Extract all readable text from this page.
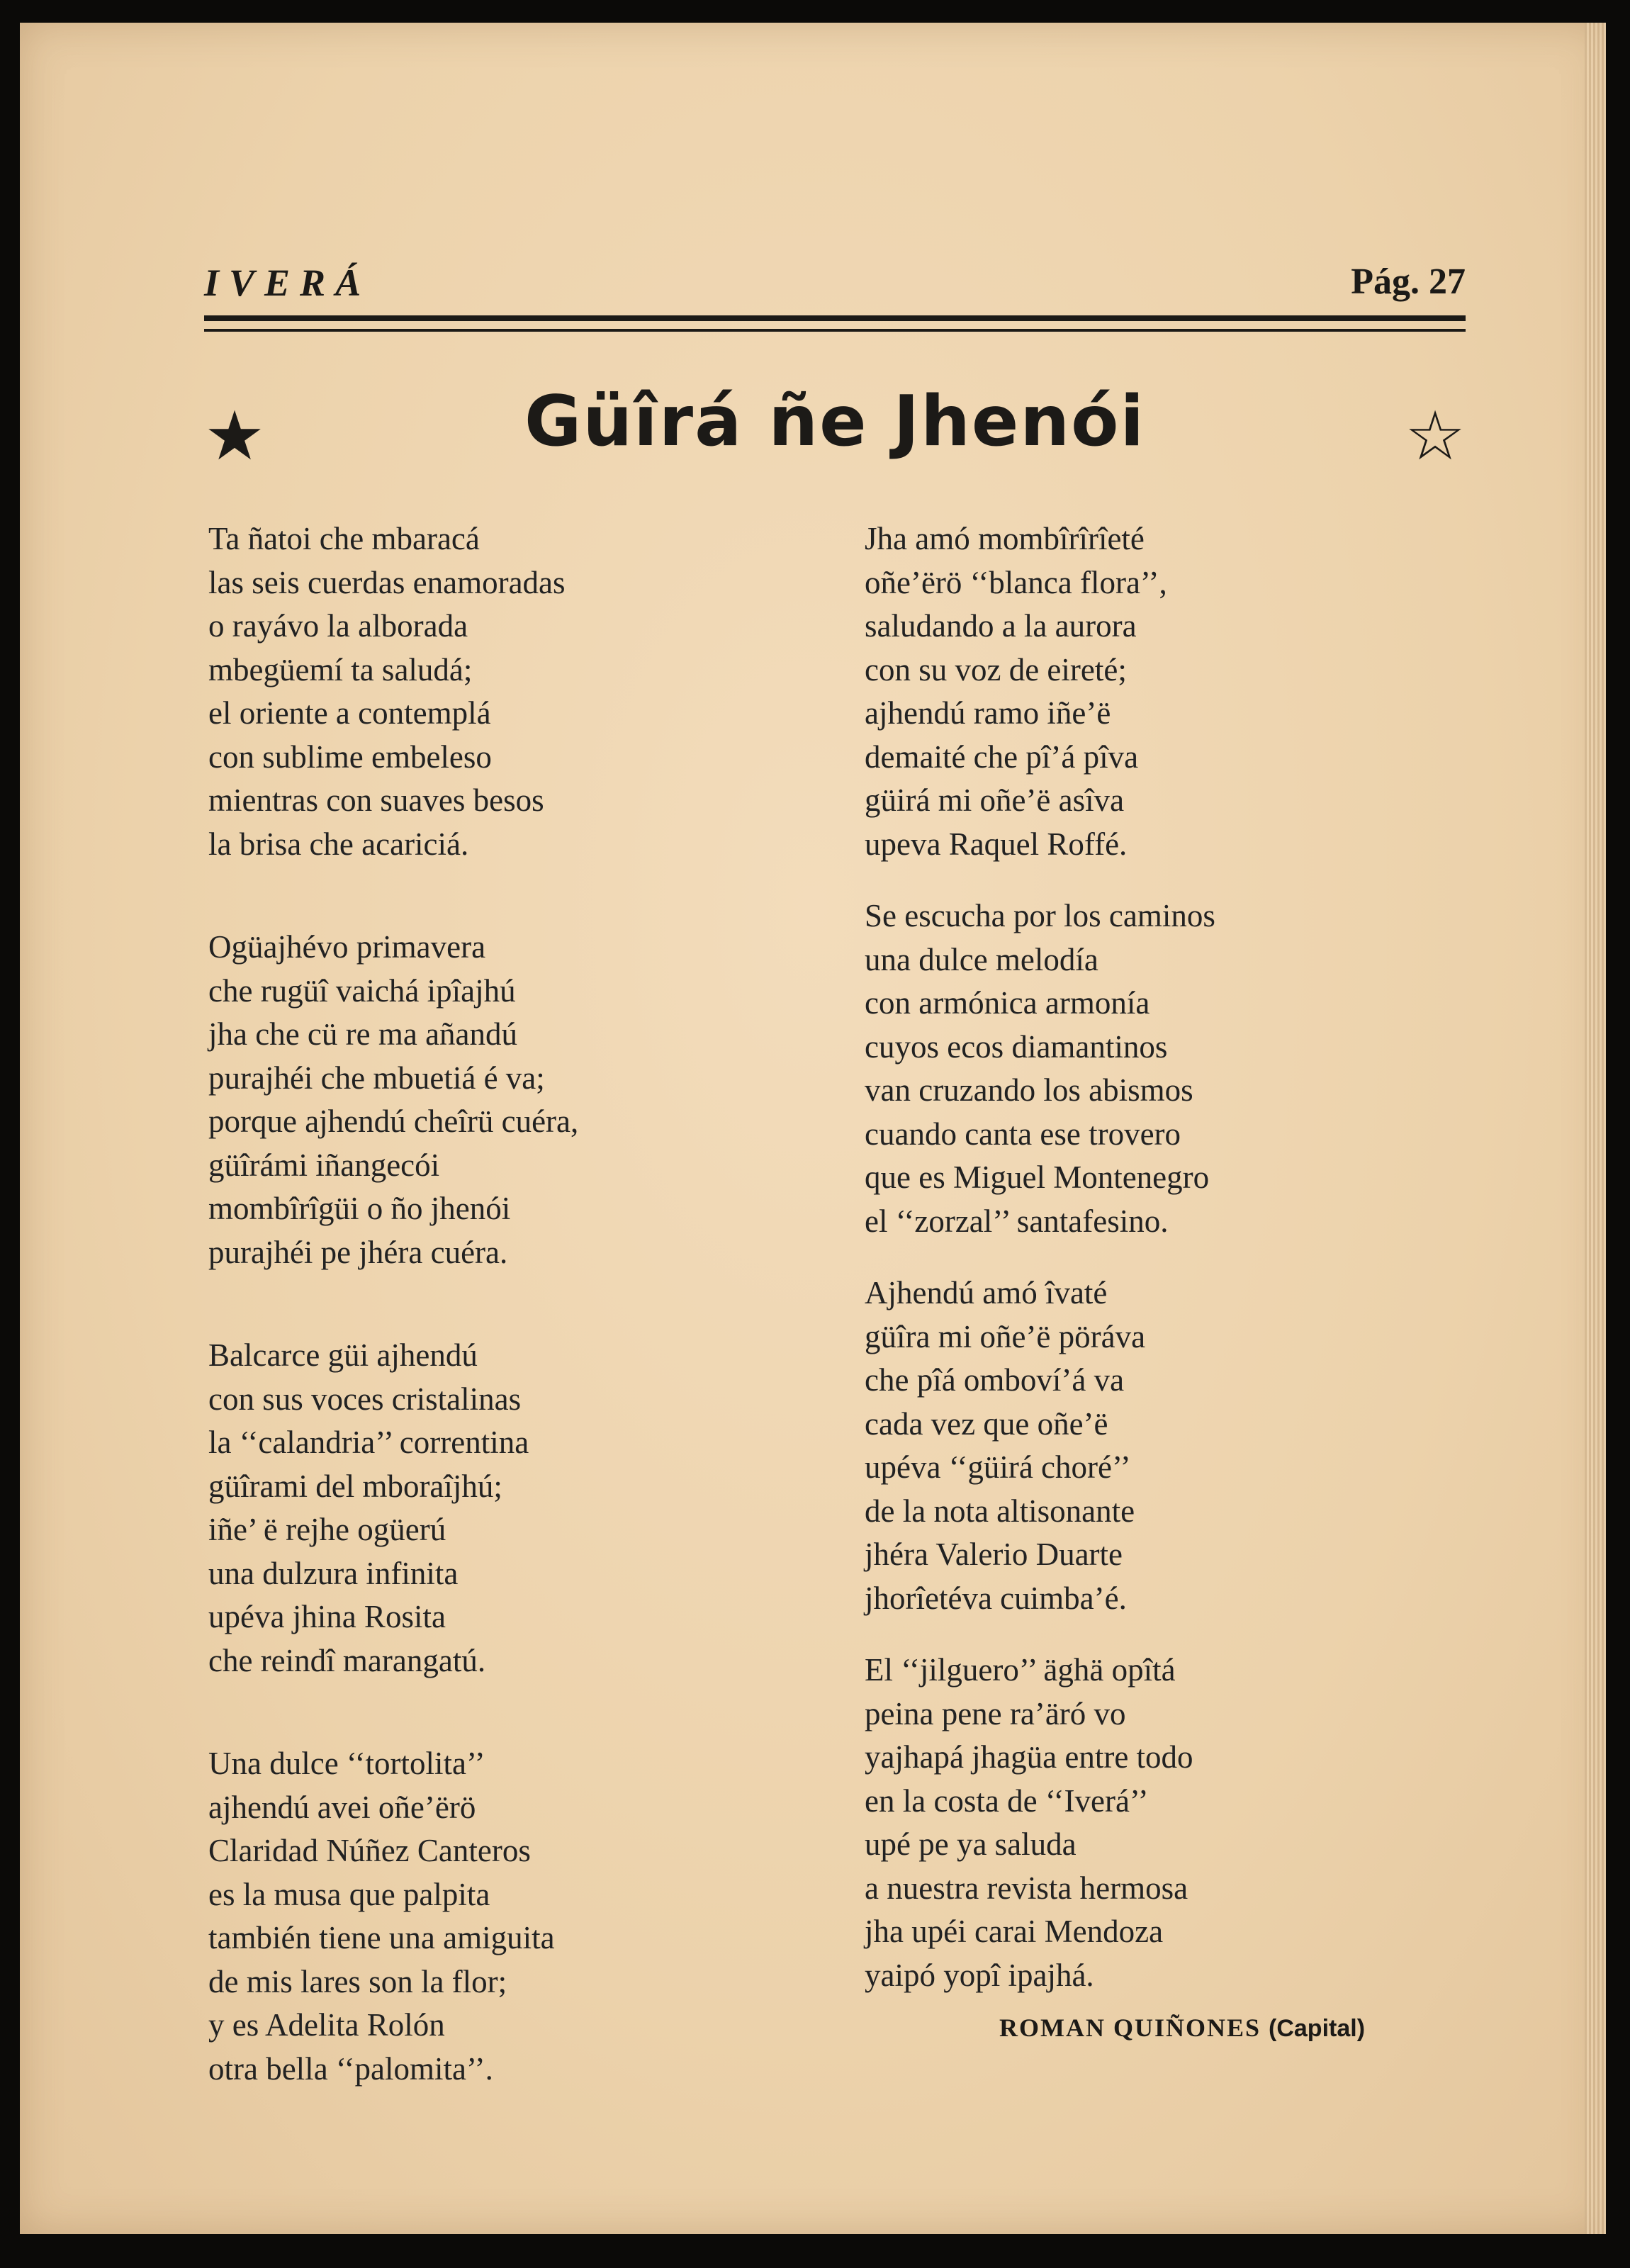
IVERÁ	Pág. 27
★	Güîrá ñe Jhenói	☆
Ta ñatoi che mbaracá
las seis cuerdas enamoradas
o rayávo la alborada
mbegüemí ta saludá;
el oriente a contemplá
con sublime embeleso
mientras con suaves besos
la brisa che acariciá.
Ogüajhévo primavera
che rugüî vaichá ipîajhú
jha che cü re ma añandú
purajhéi che mbuetiá é va;
porque ajhendú cheîrü cuéra,
güîrámi iñangecói
mombîrîgüi o ño jhenói
purajhéi pe jhéra cuéra.
Balcarce güi ajhendú
con sus voces cristalinas
la ‘‘calandria’’ correntina
güîrami del mboraîjhú;
iñe’ ë rejhe ogüerú
una dulzura infinita
upéva jhina Rosita
che reindî marangatú.
Una dulce ‘‘tortolita’’
ajhendú avei oñe’ërö
Claridad Núñez Canteros
es la musa que palpita
también tiene una amiguita
de mis lares son la flor;
y es Adelita Rolón
otra bella ‘‘palomita’’.
Jha amó mombîrîrîeté
oñe’ërö ‘‘blanca flora’’,
saludando a la aurora
con su voz de eireté;
ajhendú ramo iñe’ë
demaité che pî’á pîva
güirá mi oñe’ë asîva
upeva Raquel Roffé.
Se escucha por los caminos
una dulce melodía
con armónica armonía
cuyos ecos diamantinos
van cruzando los abismos
cuando canta ese trovero
que es Miguel Montenegro
el ‘‘zorzal’’ santafesino.
Ajhendú amó îvaté
güîra mi oñe’ë pöráva
che pîá omboví’á va
cada vez que oñe’ë
upéva ‘‘güirá choré’’
de la nota altisonante
jhéra Valerio Duarte
jhorîetéva cuimba’é.
El ‘‘jilguero’’ äghä opîtá
peina pene ra’äró vo
yajhapá jhagüa entre todo
en la costa de ‘‘Iverá’’
upé pe ya saluda
a nuestra revista hermosa
jha upéi carai Mendoza
yaipó yopî ipajhá.
ROMAN QUIÑONES (Capital)
